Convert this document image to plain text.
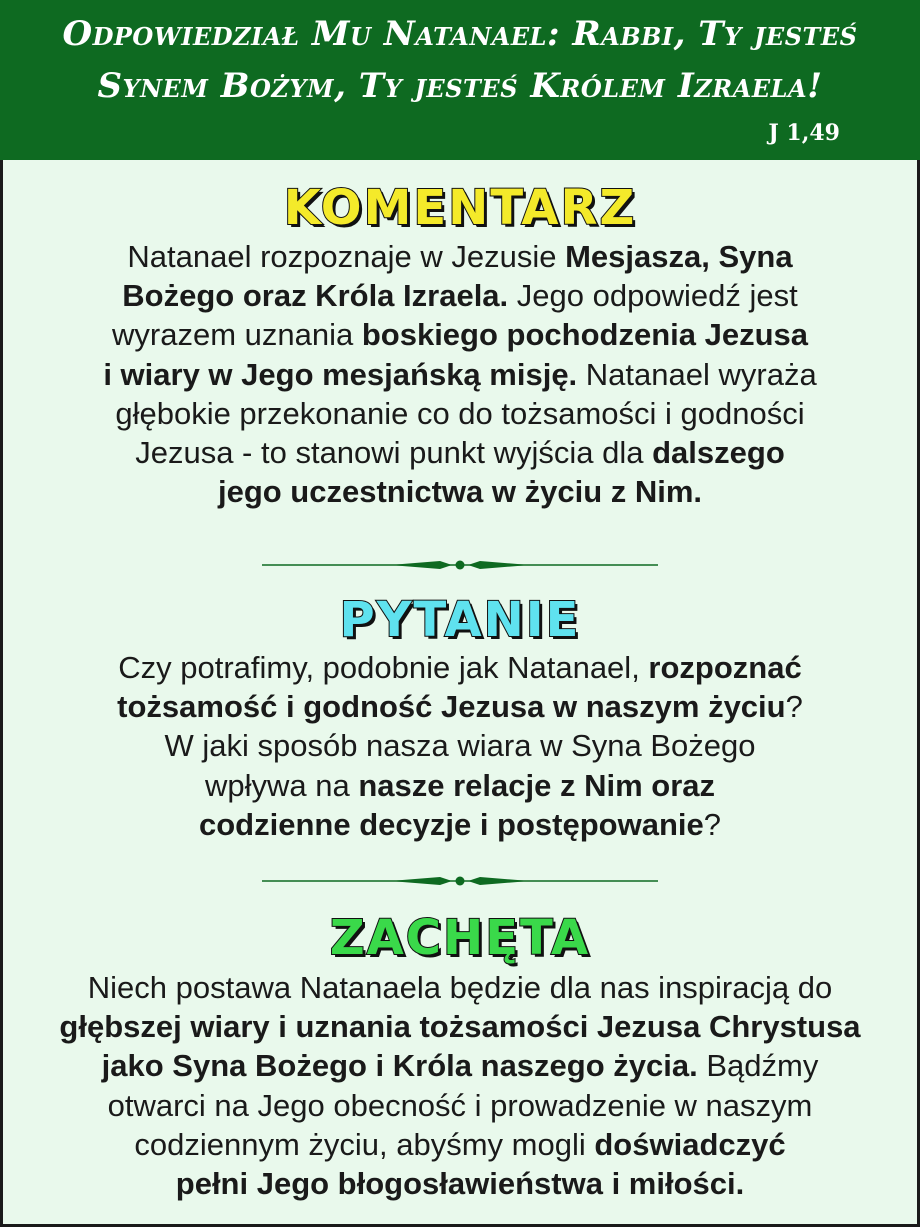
Odpowiedział Mu Natanael: Rabbi, Ty jesteś
Synem Bożym, Ty jesteś Królem Izraela!
J 1,49
KOMENTARZ
Natanael rozpoznaje w Jezusie Mesjasza, Syna
Bożego oraz Króla Izraela. Jego odpowiedź jest
wyrazem uznania boskiego pochodzenia Jezusa
i wiary w Jego mesjańską misję. Natanael wyraża
głębokie przekonanie co do tożsamości i godności
Jezusa - to stanowi punkt wyjścia dla dalszego
jego uczestnictwa w życiu z Nim.
PYTANIE
Czy potrafimy, podobnie jak Natanael, rozpoznać
tożsamość i godność Jezusa w naszym życiu?
W jaki sposób nasza wiara w Syna Bożego
wpływa na nasze relacje z Nim oraz
codzienne decyzje i postępowanie?
ZACHĘTA
Niech postawa Natanaela będzie dla nas inspiracją do
głębszej wiary i uznania tożsamości Jezusa Chrystusa
jako Syna Bożego i Króla naszego życia. Bądźmy
otwarci na Jego obecność i prowadzenie w naszym
codziennym życiu, abyśmy mogli doświadczyć
pełni Jego błogosławieństwa i miłości.
